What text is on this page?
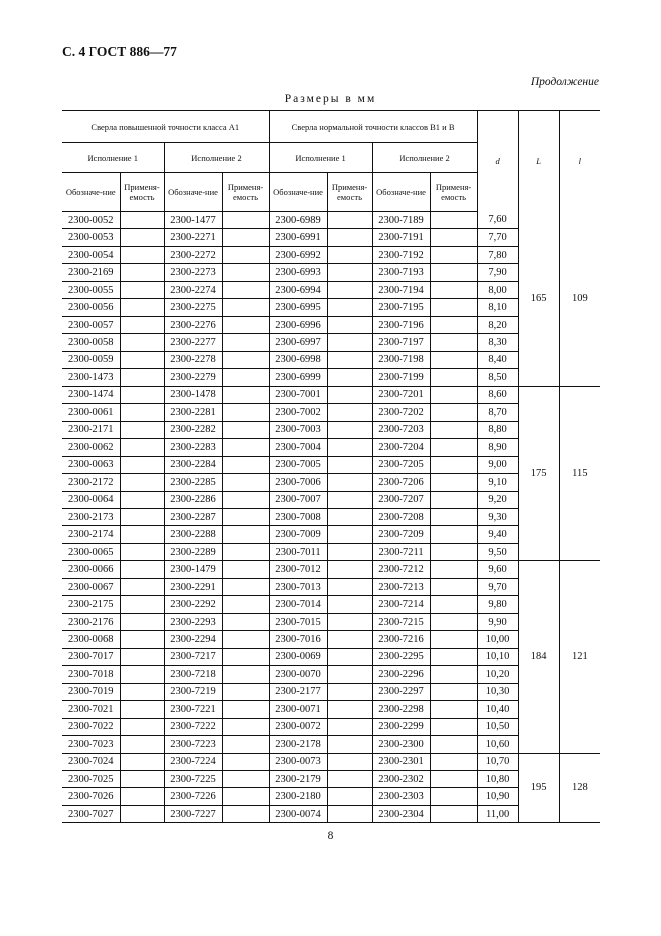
С. 4 ГОСТ 886—77
Продолжение
Размеры в мм
Сверла повышенной точности класса А1				Сверла нормальной точности классов В1 и В				d	L	l
Исполнение 1		Исполнение 2		Исполнение 1		Исполнение 2				
Обозначе-ние	Применя-емость	Обозначе-ние	Применя-емость	Обозначе-ние	Применя-емость	Обозначе-ние	Применя-емость			
2300-0052		2300-1477		2300-6989		2300-7189		7,60	165	109
2300-0053		2300-2271		2300-6991		2300-7191		7,70		
2300-0054		2300-2272		2300-6992		2300-7192		7,80		
2300-2169		2300-2273		2300-6993		2300-7193		7,90		
2300-0055		2300-2274		2300-6994		2300-7194		8,00		
2300-0056		2300-2275		2300-6995		2300-7195		8,10		
2300-0057		2300-2276		2300-6996		2300-7196		8,20		
2300-0058		2300-2277		2300-6997		2300-7197		8,30		
2300-0059		2300-2278		2300-6998		2300-7198		8,40		
2300-1473		2300-2279		2300-6999		2300-7199		8,50		
2300-1474		2300-1478		2300-7001		2300-7201		8,60	175	115
2300-0061		2300-2281		2300-7002		2300-7202		8,70		
2300-2171		2300-2282		2300-7003		2300-7203		8,80		
2300-0062		2300-2283		2300-7004		2300-7204		8,90		
2300-0063		2300-2284		2300-7005		2300-7205		9,00		
2300-2172		2300-2285		2300-7006		2300-7206		9,10		
2300-0064		2300-2286		2300-7007		2300-7207		9,20		
2300-2173		2300-2287		2300-7008		2300-7208		9,30		
2300-2174		2300-2288		2300-7009		2300-7209		9,40		
2300-0065		2300-2289		2300-7011		2300-7211		9,50		
2300-0066		2300-1479		2300-7012		2300-7212		9,60	184	121
2300-0067		2300-2291		2300-7013		2300-7213		9,70		
2300-2175		2300-2292		2300-7014		2300-7214		9,80		
2300-2176		2300-2293		2300-7015		2300-7215		9,90		
2300-0068		2300-2294		2300-7016		2300-7216		10,00		
2300-7017		2300-7217		2300-0069		2300-2295		10,10		
2300-7018		2300-7218		2300-0070		2300-2296		10,20		
2300-7019		2300-7219		2300-2177		2300-2297		10,30		
2300-7021		2300-7221		2300-0071		2300-2298		10,40		
2300-7022		2300-7222		2300-0072		2300-2299		10,50		
2300-7023		2300-7223		2300-2178		2300-2300		10,60		
2300-7024		2300-7224		2300-0073		2300-2301		10,70	195	128
2300-7025		2300-7225		2300-2179		2300-2302		10,80		
2300-7026		2300-7226		2300-2180		2300-2303		10,90		
2300-7027		2300-7227		2300-0074		2300-2304		11,00		
8
